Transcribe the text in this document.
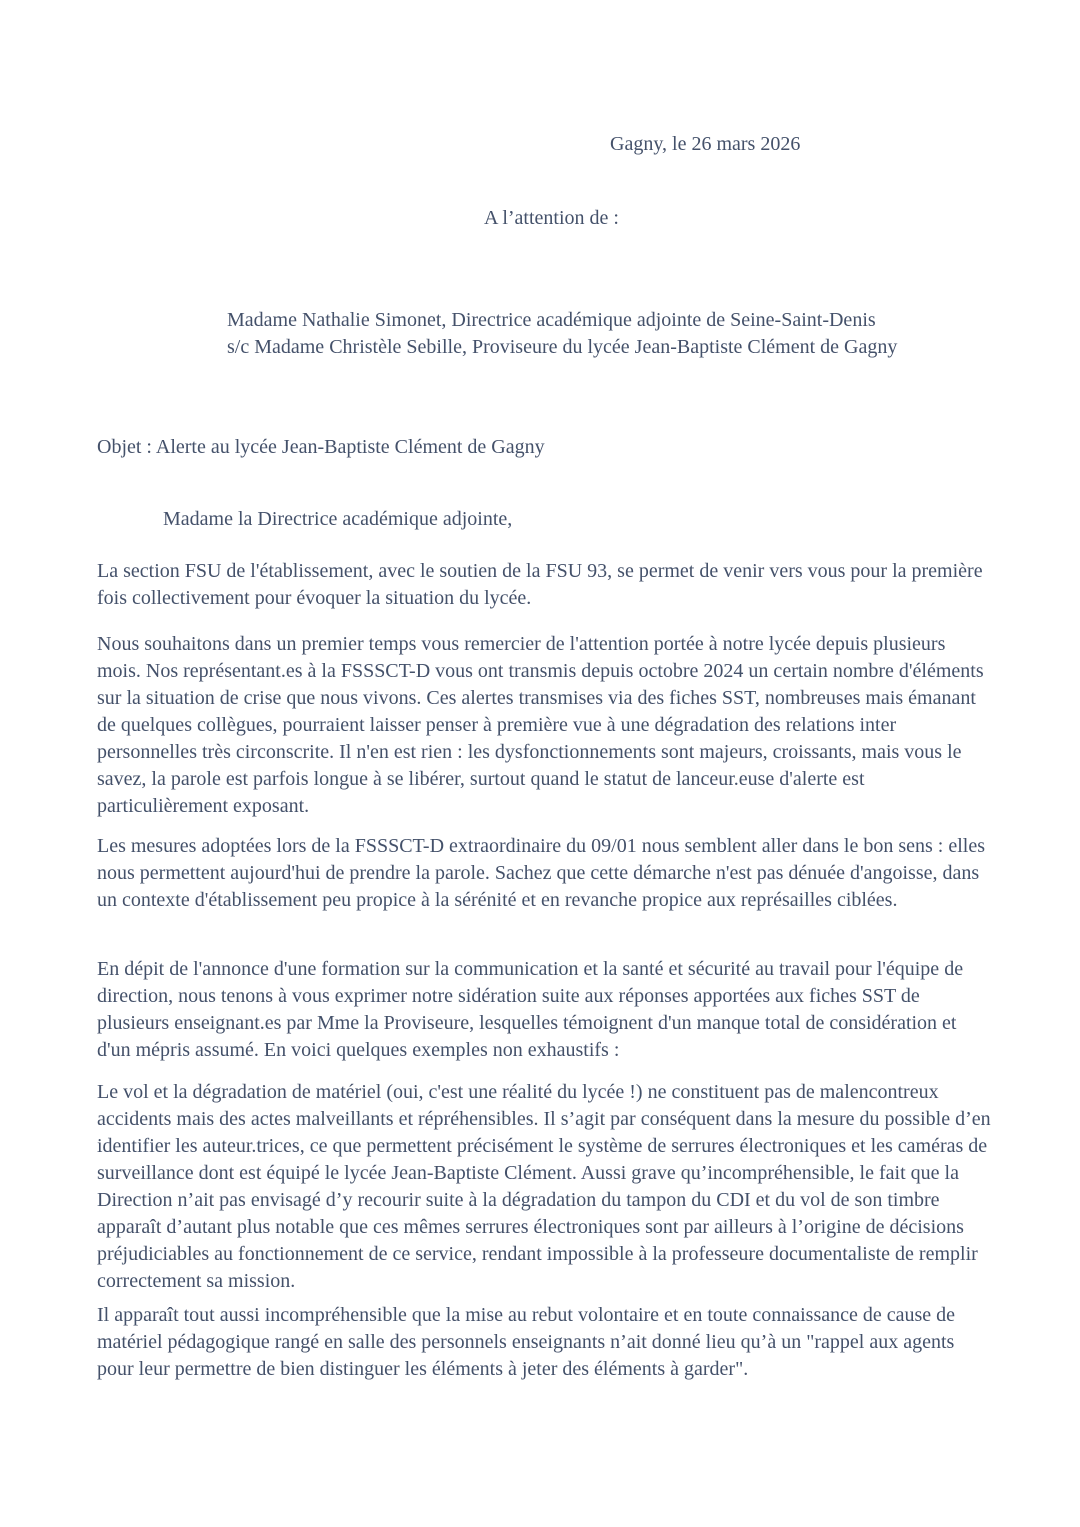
Gagny, le 26 mars 2026
A l’attention de :
Madame Nathalie Simonet, Directrice académique adjointe de Seine-Saint-Denis
s/c Madame Christèle Sebille, Proviseure du lycée Jean-Baptiste Clément de Gagny
Objet : Alerte au lycée Jean-Baptiste Clément de Gagny
Madame la Directrice académique adjointe,

La section FSU de l'établissement, avec le soutien de la FSU 93, se permet de venir vers vous pour la première fois collectivement pour évoquer la situation du lycée.

Nous souhaitons dans un premier temps vous remercier de l'attention portée à notre lycée depuis plusieurs mois. Nos représentant.es à la FSSSCT-D vous ont transmis depuis octobre 2024 un certain nombre d'éléments sur la situation de crise que nous vivons. Ces alertes transmises via des fiches SST, nombreuses mais émanant de quelques collègues, pourraient laisser penser à première vue à une dégradation des relations inter personnelles très circonscrite. Il n'en est rien : les dysfonctionnements sont majeurs, croissants, mais vous le savez, la parole est parfois longue à se libérer, surtout quand le statut de lanceur.euse d'alerte est particulièrement exposant.

Les mesures adoptées lors de la FSSSCT-D extraordinaire du 09/01 nous semblent aller dans le bon sens : elles nous permettent aujourd'hui de prendre la parole. Sachez que cette démarche n'est pas dénuée d'angoisse, dans un contexte d'établissement peu propice à la sérénité et en revanche propice aux représailles ciblées.

En dépit de l'annonce d'une formation sur la communication et la santé et sécurité au travail pour l'équipe de direction, nous tenons à vous exprimer notre sidération suite aux réponses apportées aux fiches SST de plusieurs enseignant.es par Mme la Proviseure, lesquelles témoignent d'un manque total de considération et d'un mépris assumé. En voici quelques exemples non exhaustifs :

Le vol et la dégradation de matériel (oui, c'est une réalité du lycée !) ne constituent pas de malencontreux accidents mais des actes malveillants et répréhensibles. Il s’agit par conséquent dans la mesure du possible d’en identifier les auteur.trices, ce que permettent précisément le système de serrures électroniques et les caméras de surveillance dont est équipé le lycée Jean-Baptiste Clément. Aussi grave qu’incompréhensible, le fait que la Direction n’ait pas envisagé d’y recourir suite à la dégradation du tampon du CDI et du vol de son timbre apparaît d’autant plus notable que ces mêmes serrures électroniques sont par ailleurs à l’origine de décisions préjudiciables au fonctionnement de ce service, rendant impossible à la professeure documentaliste de remplir correctement sa mission.

Il apparaît tout aussi incompréhensible que la mise au rebut volontaire et en toute connaissance de cause de matériel pédagogique rangé en salle des personnels enseignants n’ait donné lieu qu’à un "rappel aux agents pour leur permettre de bien distinguer les éléments à jeter des éléments à garder".
